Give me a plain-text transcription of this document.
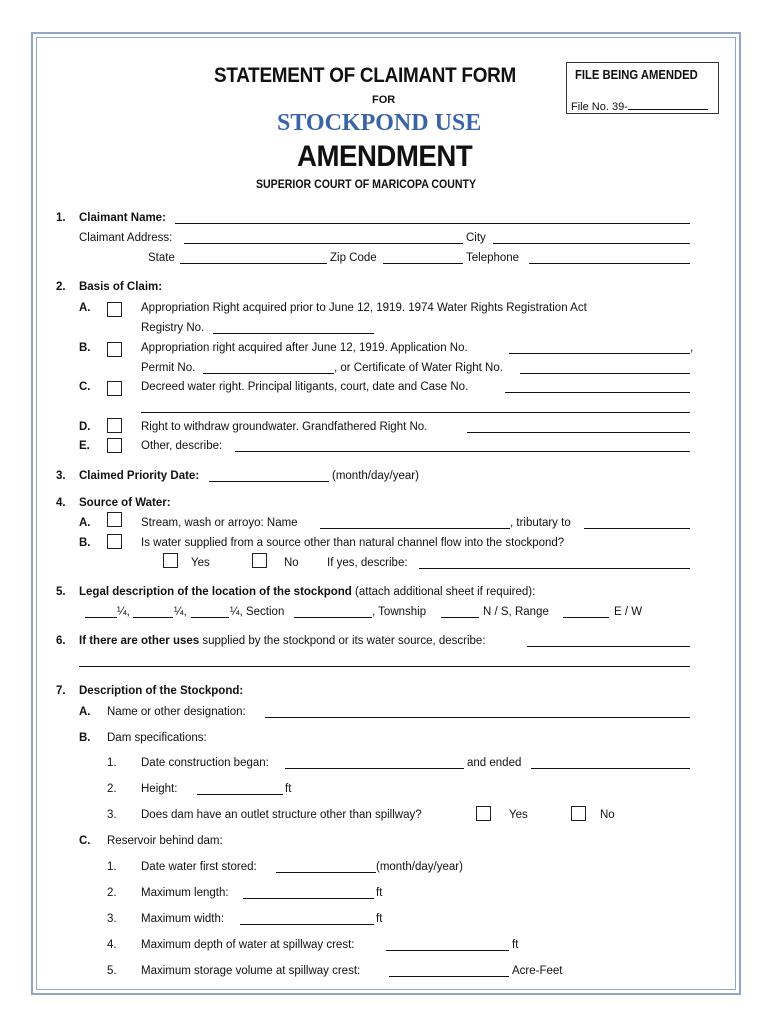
STATEMENT OF CLAIMANT FORM
FOR
STOCKPOND USE
AMENDMENT
SUPERIOR COURT OF MARICOPA COUNTY
FILE BEING AMENDED
File No. 39-
1. Claimant Name:
Claimant Address:	City
State	Zip Code	Telephone
2. Basis of Claim:
A.	Appropriation Right acquired prior to June 12, 1919. 1974 Water Rights Registration Act
Registry No.
B.	Appropriation right acquired after June 12, 1919. Application No.	,
Permit No.	, or Certificate of Water Right No.
C.	Decreed water right. Principal litigants, court, date and Case No.
D.	Right to withdraw groundwater. Grandfathered Right No.
E.	Other, describe:
3. Claimed Priority Date:	(month/day/year)
4. Source of Water:
A.	Stream, wash or arroyo: Name	, tributary to
B.	Is water supplied from a source other than natural channel flow into the stockpond?
Yes	No If yes, describe:
5. Legal description of the location of the stockpond (attach additional sheet if required):
¼,	¼,	¼, Section	, Township	N / S, Range	E / W
6. If there are other uses supplied by the stockpond or its water source, describe:
7. Description of the Stockpond:
A. Name or other designation:
B. Dam specifications:
1. Date construction began:	and ended
2. Height:	ft
3. Does dam have an outlet structure other than spillway?	Yes	No
C. Reservoir behind dam:
1. Date water first stored:	(month/day/year)
2. Maximum length:	ft
3. Maximum width:	ft
4. Maximum depth of water at spillway crest:	ft
5. Maximum storage volume at spillway crest:	Acre-Feet
